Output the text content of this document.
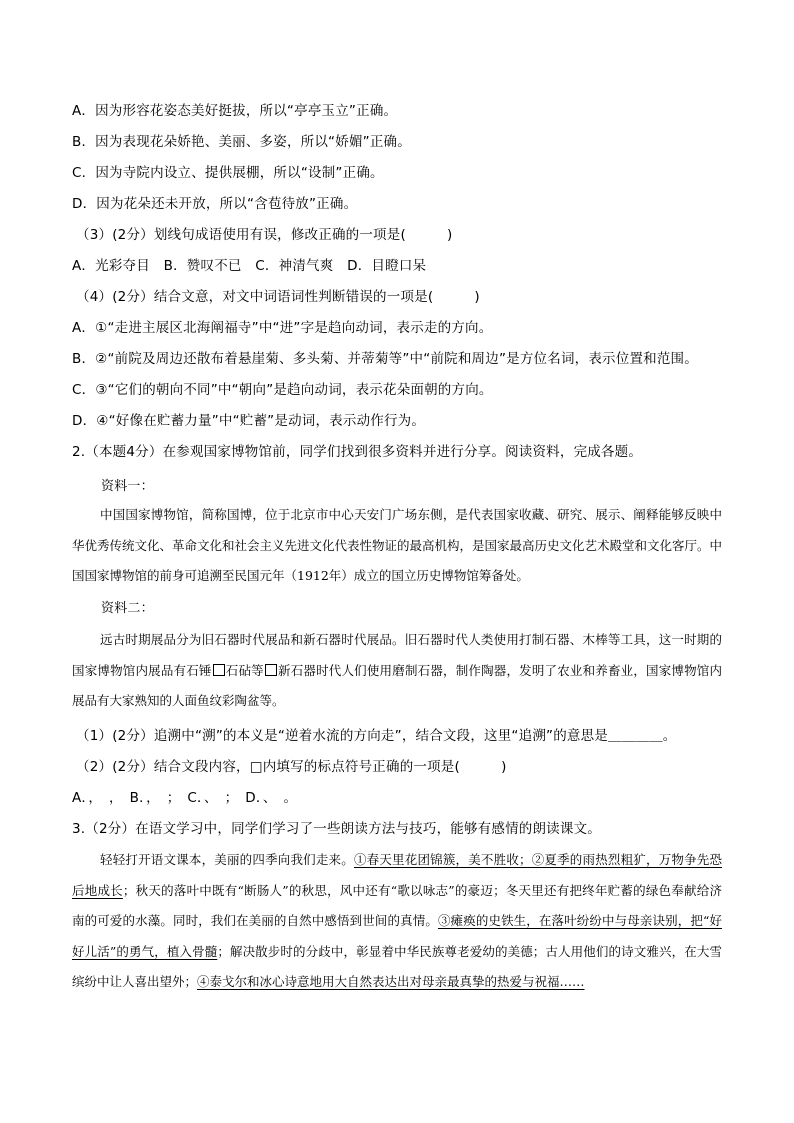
A．因为形容花姿态美好挺拔，所以“亭亭玉立”正确。
B．因为表现花朵娇艳、美丽、多姿，所以“娇媚”正确。
C．因为寺院内设立、提供展棚，所以“设制”正确。
D．因为花朵还未开放，所以“含苞待放”正确。
（3）(2分）划线句成语使用有误，修改正确的一项是(　　　)
A．光彩夺目　B．赞叹不已　C．神清气爽　D．目瞪口呆
（4）(2分）结合文意，对文中词语词性判断错误的一项是(　　　)
A．①“走进主展区北海阐福寺”中“进”字是趋向动词，表示走的方向。
B．②“前院及周边还散布着悬崖菊、多头菊、并蒂菊等”中“前院和周边”是方位名词，表示位置和范围。
C．③“它们的朝向不同”中“朝向”是趋向动词，表示花朵面朝的方向。
D．④“好像在贮蓄力量”中“贮蓄”是动词，表示动作行为。
2.（本题4分）在参观国家博物馆前，同学们找到很多资料并进行分享。阅读资料，完成各题。
资料一：
中国国家博物馆，简称国博，位于北京市中心天安门广场东侧，是代表国家收藏、研究、展示、阐释能够反映中华优秀传统文化、革命文化和社会主义先进文化代表性物证的最高机构，是国家最高历史文化艺术殿堂和文化客厅。中国国家博物馆的前身可追溯至民国元年（1912年）成立的国立历史博物馆筹备处。
资料二：
远古时期展品分为旧石器时代展品和新石器时代展品。旧石器时代人类使用打制石器、木棒等工具，这一时期的国家博物馆内展品有石锤 石砧等 新石器时代人们使用磨制石器，制作陶器，发明了农业和养畜业，国家博物馆内展品有大家熟知的人面鱼纹彩陶盆等。
（1）(2分）追溯中“溯”的本义是“逆着水流的方向走”，结合文段，这里“追溯”的意思是＿＿＿＿。
（2）(2分）结合文段内容，□内填写的标点符号正确的一项是(　　　)
A．，　，　B．，　；　C．、　；　D．、　。
3.（2分）在语文学习中，同学们学习了一些朗读方法与技巧，能够有感情的朗读课文。
轻轻打开语文课本，美丽的四季向我们走来。①春天里花团锦簇，美不胜收；②夏季的雨热烈粗犷，万物争先恐后地成长；秋天的落叶中既有“断肠人”的秋思，风中还有“歌以咏志”的豪迈；冬天里还有把终年贮蓄的绿色奉献给济南的可爱的水藻。同时，我们在美丽的自然中感悟到世间的真情。③瘫痪的史铁生，在落叶纷纷中与母亲诀别，把“好好儿活”的勇气，植入骨髓；解决散步时的分歧中，彰显着中华民族尊老爱幼的美德；古人用他们的诗文雅兴，在大雪缤纷中让人喜出望外；④泰戈尔和冰心诗意地用大自然表达出对母亲最真挚的热爱与祝福……
